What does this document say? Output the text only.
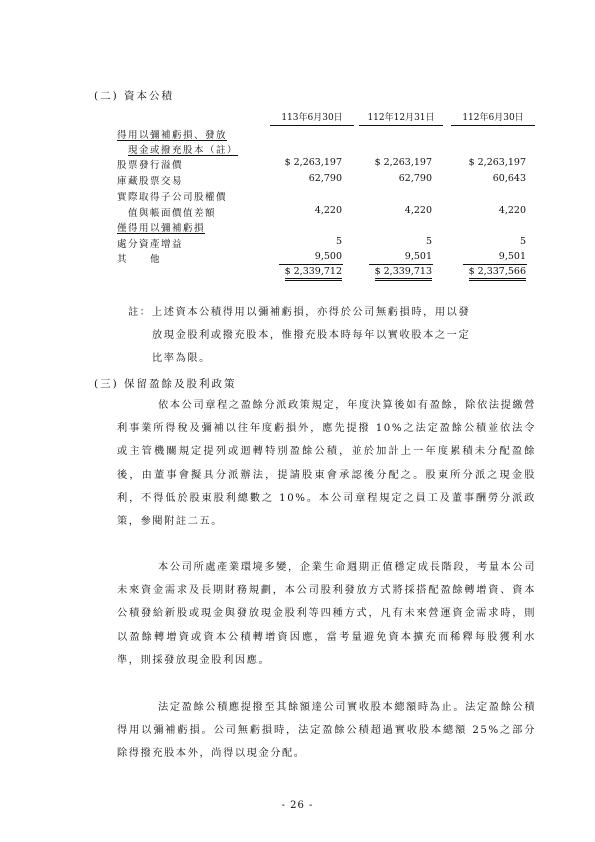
(二) 資本公積
113年6月30日	112年12月31日	112年6月30日
得用以彌補虧損、發放
現金或撥充股本（註）
股票發行溢價	$ 2,263,197	$ 2,263,197	$ 2,263,197
庫藏股票交易	62,790	62,790	60,643
實際取得子公司股權價
值與帳面價值差額	4,220	4,220	4,220
僅得用以彌補虧損
處分資產增益	5	5	5
其　　他	9,500	9,501	9,501
$ 2,339,712	$ 2,339,713	$ 2,337,566
註： 上述資本公積得用以彌補虧損，亦得於公司無虧損時，用以發
放現金股利或撥充股本，惟撥充股本時每年以實收股本之一定
比率為限。
(三) 保留盈餘及股利政策
依本公司章程之盈餘分派政策規定，年度決算後如有盈餘，除依法提繳營利事業所得稅及彌補以往年度虧損外，應先提撥 10%之法定盈餘公積並依法令或主管機關規定提列或迴轉特別盈餘公積，並於加計上一年度累積未分配盈餘後，由董事會擬具分派辦法，提請股東會承認後分配之。股東所分派之現金股利，不得低於股東股利總數之 10%。本公司章程規定之員工及董事酬勞分派政策，參閱附註二五。
本公司所處產業環境多變，企業生命週期正值穩定成長階段，考量本公司未來資金需求及長期財務規劃，本公司股利發放方式將採搭配盈餘轉增資、資本公積發給新股或現金與發放現金股利等四種方式，凡有未來營運資金需求時，則以盈餘轉增資或資本公積轉增資因應，當考量避免資本擴充而稀釋每股獲利水準，則採發放現金股利因應。
法定盈餘公積應提撥至其餘額達公司實收股本總額時為止。法定盈餘公積得用以彌補虧損。公司無虧損時，法定盈餘公積超過實收股本總額 25%之部分除得撥充股本外，尚得以現金分配。
- 26 -
